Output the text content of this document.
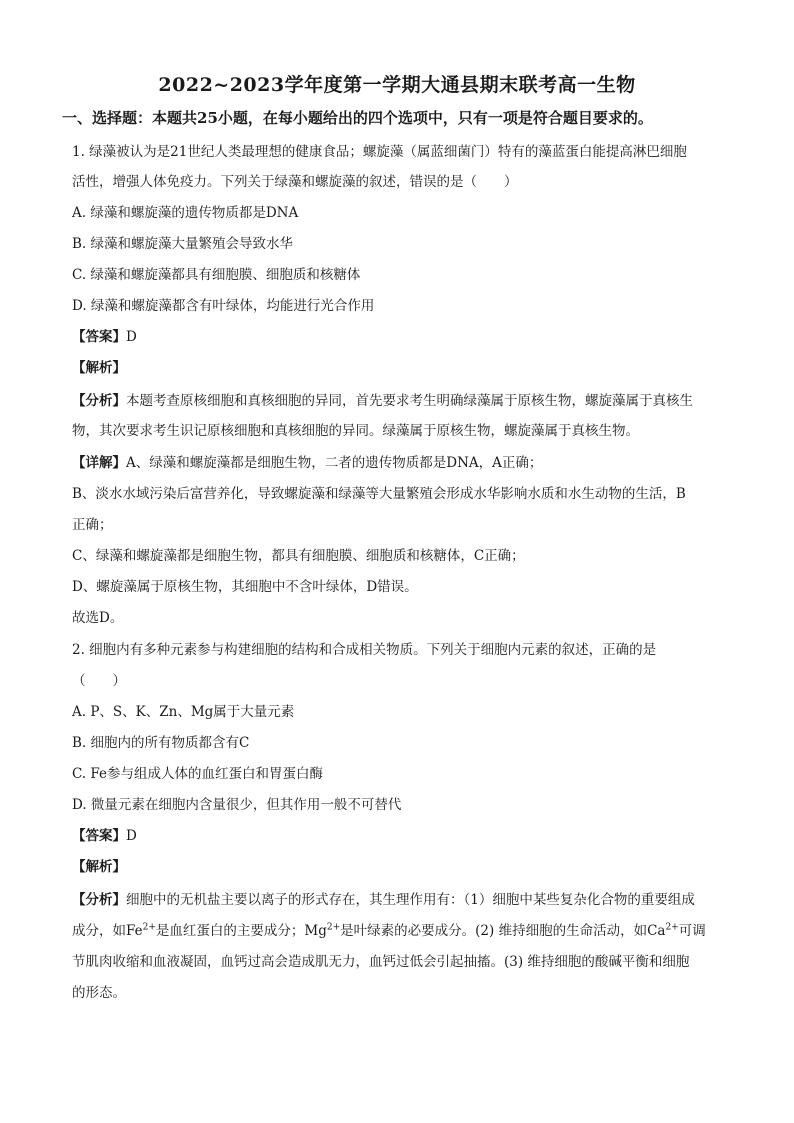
2022~2023学年度第一学期大通县期末联考高一生物
一、选择题：本题共25小题，在每小题给出的四个选项中，只有一项是符合题目要求的。
1. 绿藻被认为是21世纪人类最理想的健康食品；螺旋藻（属蓝细菌门）特有的藻蓝蛋白能提高淋巴细胞
活性，增强人体免疫力。下列关于绿藻和螺旋藻的叙述，错误的是（　　）
A. 绿藻和螺旋藻的遗传物质都是DNA
B. 绿藻和螺旋藻大量繁殖会导致水华
C. 绿藻和螺旋藻都具有细胞膜、细胞质和核糖体
D. 绿藻和螺旋藻都含有叶绿体，均能进行光合作用
【答案】D
【解析】
【分析】本题考查原核细胞和真核细胞的异同，首先要求考生明确绿藻属于原核生物，螺旋藻属于真核生
物，其次要求考生识记原核细胞和真核细胞的异同。绿藻属于原核生物，螺旋藻属于真核生物。
【详解】A、绿藻和螺旋藻都是细胞生物，二者的遗传物质都是DNA，A正确；
B、淡水水域污染后富营养化，导致螺旋藻和绿藻等大量繁殖会形成水华影响水质和水生动物的生活，B
正确；
C、绿藻和螺旋藻都是细胞生物，都具有细胞膜、细胞质和核糖体，C正确；
D、螺旋藻属于原核生物，其细胞中不含叶绿体，D错误。
故选D。
2. 细胞内有多种元素参与构建细胞的结构和合成相关物质。下列关于细胞内元素的叙述，正确的是
（　　）
A. P、S、K、Zn、Mg属于大量元素
B. 细胞内的所有物质都含有C
C. Fe参与组成人体的血红蛋白和胃蛋白酶
D. 微量元素在细胞内含量很少，但其作用一般不可替代
【答案】D
【解析】
【分析】细胞中的无机盐主要以离子的形式存在，其生理作用有：（1）细胞中某些复杂化合物的重要组成
成分，如$Fe^{2+}$是血红蛋白的主要成分；$Mg^{2+}$是叶绿素的必要成分。(2) 维持细胞的生命活动，如$Ca^{2+}$可调
节肌肉收缩和血液凝固，血钙过高会造成肌无力，血钙过低会引起抽搐。(3) 维持细胞的酸碱平衡和细胞
的形态。
